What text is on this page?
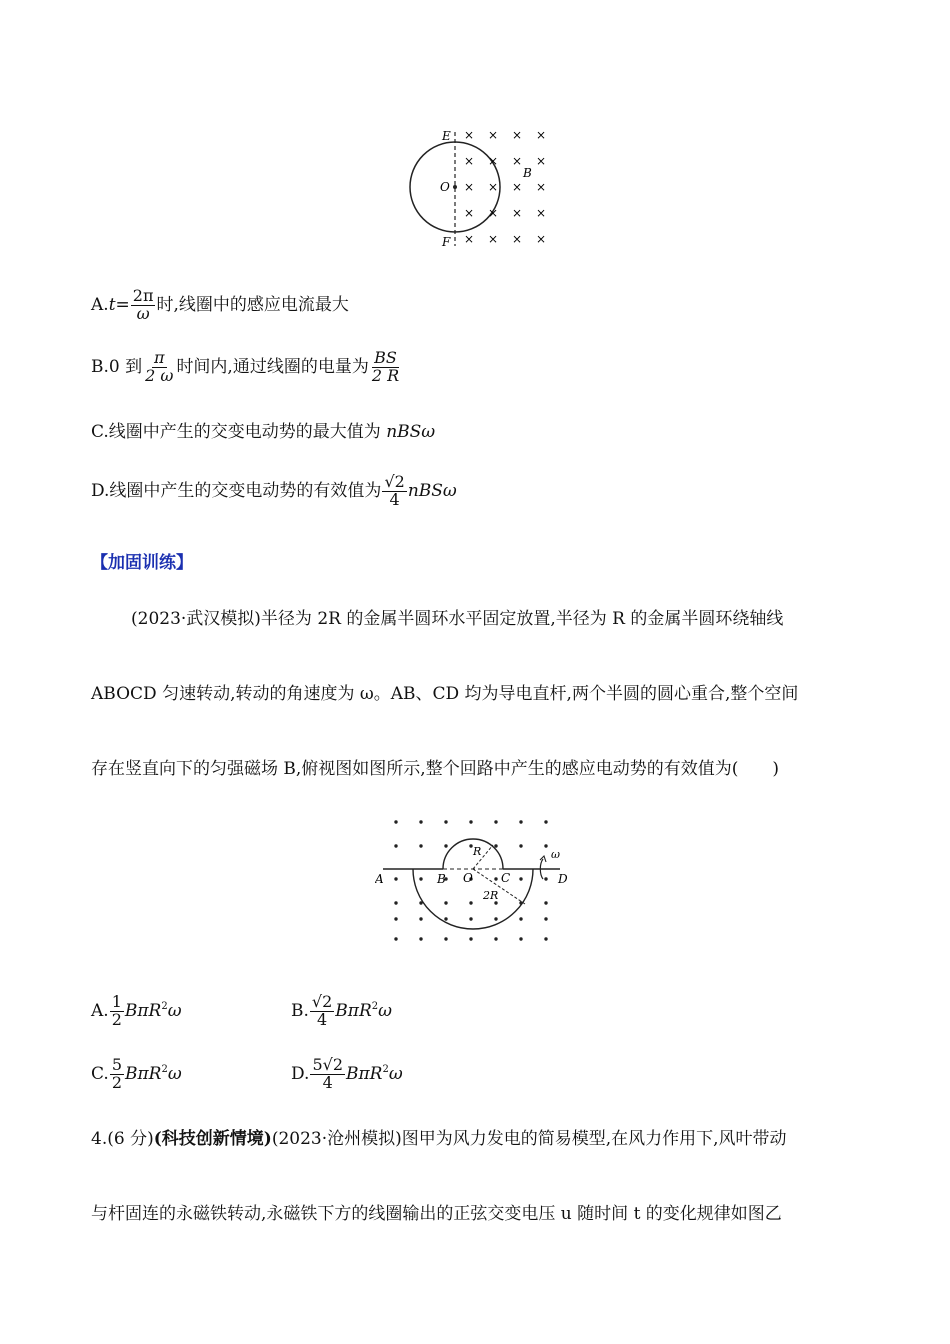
E
F
O
B
× × × ×
× × × ×
× × × ×
× × × ×
× × × ×
$A.t= \frac{2\pi}{\omega}$ 时,线圈中的感应电流最大
B.0 到 $\frac{\pi}{2 \omega}$ 时间内,通过线圈的电量为 $\frac{BS}{2 R}$
C.线圈中产生的交变电动势的最大值为 nBSω
D.线圈中产生的交变电动势的有效值为 $\frac{√2}{4}$ nBSω
【加固训练】
(2023·武汉模拟)半径为 2R 的金属半圆环水平固定放置,半径为 R 的金属半圆环绕轴线
ABOCD 匀速转动,转动的角速度为 ω。AB、CD 均为导电直杆,两个半圆的圆心重合,整个空间
存在竖直向下的匀强磁场 B,俯视图如图所示,整个回路中产生的感应电动势的有效值为(　　)
A	B O C	D
R
2R
ω
A. $\frac{1}{2} B\pi R^2\omega$	B. $\frac{√2}{4} B\pi R^2\omega$
C. $\frac{5}{2} B\pi R^2\omega$	D. $\frac{5√2}{4} B\pi R^2\omega$
4.(6 分)(科技创新情境)(2023·沧州模拟)图甲为风力发电的简易模型,在风力作用下,风叶带动
与杆固连的永磁铁转动,永磁铁下方的线圈输出的正弦交变电压 u 随时间 t 的变化规律如图乙
